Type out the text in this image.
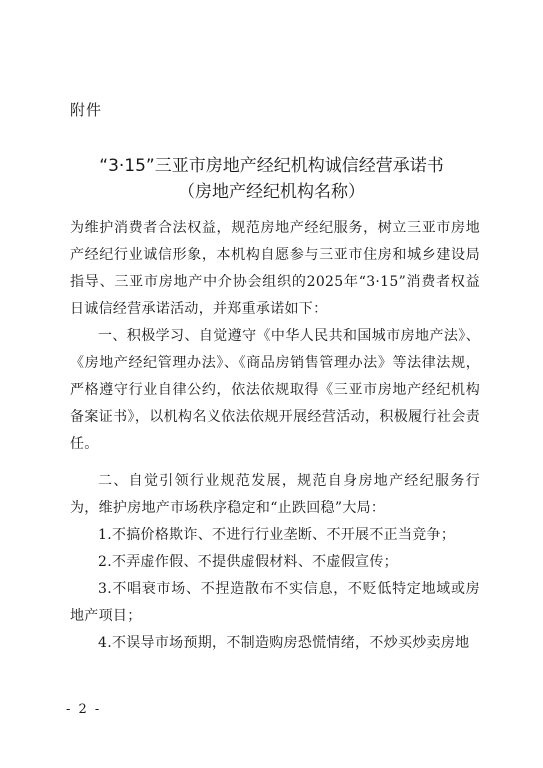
附件
“3·15”三亚市房地产经纪机构诚信经营承诺书
（房地产经纪机构名称）

为维护消费者合法权益，规范房地产经纪服务，树立三亚市房地产经纪行业诚信形象，本机构自愿参与三亚市住房和城乡建设局指导、三亚市房地产中介协会组织的2025年“3·15”消费者权益日诚信经营承诺活动，并郑重承诺如下：

一、积极学习、自觉遵守《中华人民共和国城市房地产法》、《房地产经纪管理办法》、《商品房销售管理办法》等法律法规，严格遵守行业自律公约，依法依规取得《三亚市房地产经纪机构备案证书》，以机构名义依法依规开展经营活动，积极履行社会责任。

二、自觉引领行业规范发展，规范自身房地产经纪服务行为，维护房地产市场秩序稳定和“止跌回稳”大局：

1.不搞价格欺诈、不进行行业垄断、不开展不正当竞争；

2.不弄虚作假、不提供虚假材料、不虚假宣传；

3.不唱衰市场、不捏造散布不实信息，不贬低特定地域或房地产项目；

4.不误导市场预期，不制造购房恐慌情绪，不炒买炒卖房地

- 2 -
